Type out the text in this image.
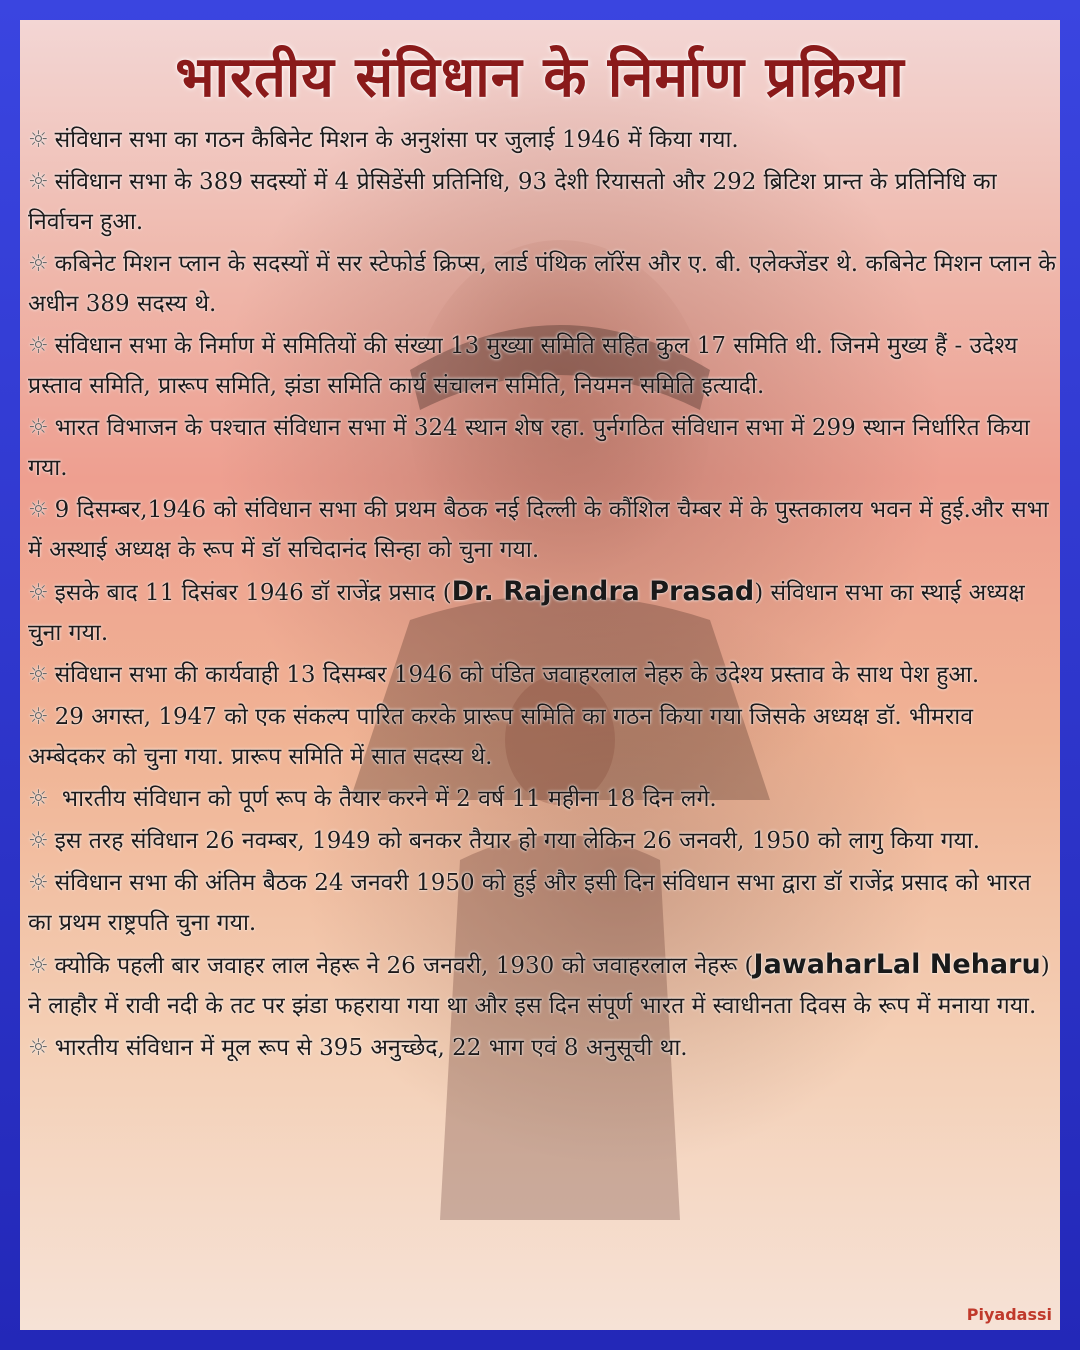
भारतीय संविधान के निर्माण प्रक्रिया
☼ संविधान सभा का गठन कैबिनेट मिशन के अनुशंसा पर जुलाई 1946 में किया गया.
☼ संविधान सभा के 389 सदस्यों में 4 प्रेसिडेंसी प्रतिनिधि, 93 देशी रियासतो और 292 ब्रिटिश प्रान्त के प्रतिनिधि का निर्वाचन हुआ.
☼ कबिनेट मिशन प्लान के सदस्यों में सर स्टेफोर्ड क्रिप्स, लार्ड पंथिक लॉरेंस और ए. बी. एलेक्जेंडर थे. कबिनेट मिशन प्लान के अधीन 389 सदस्य थे.
☼ संविधान सभा के निर्माण में समितियों की संख्या 13 मुख्या समिति सहित कुल 17 समिति थी. जिनमे मुख्य हैं - उदेश्य प्रस्ताव समिति, प्रारूप समिति, झंडा समिति कार्य संचालन समिति, नियमन समिति इत्यादी.
☼ भारत विभाजन के पश्चात संविधान सभा में 324 स्थान शेष रहा. पुर्नगठित संविधान सभा में 299 स्थान निर्धारित किया गया.
☼ 9 दिसम्बर,1946 को संविधान सभा की प्रथम बैठक नई दिल्ली के कौंशिल चैम्बर में के पुस्तकालय भवन में हुई.और सभा में अस्थाई अध्यक्ष के रूप में डॉ सचिदानंद सिन्हा को चुना गया.
☼ इसके बाद 11 दिसंबर 1946 डॉ राजेंद्र प्रसाद (Dr. Rajendra Prasad) संविधान सभा का स्थाई अध्यक्ष चुना गया.
☼ संविधान सभा की कार्यवाही 13 दिसम्बर 1946 को पंडित जवाहरलाल नेहरु के उदेश्य प्रस्ताव के साथ पेश हुआ.
☼ 29 अगस्त, 1947 को एक संकल्प पारित करके प्रारूप समिति का गठन किया गया जिसके अध्यक्ष डॉ. भीमराव अम्बेदकर को चुना गया. प्रारूप समिति में सात सदस्य थे.
☼ भारतीय संविधान को पूर्ण रूप के तैयार करने में 2 वर्ष 11 महीना 18 दिन लगे.
☼ इस तरह संविधान 26 नवम्बर, 1949 को बनकर तैयार हो गया लेकिन 26 जनवरी, 1950 को लागु किया गया.
☼ संविधान सभा की अंतिम बैठक 24 जनवरी 1950 को हुई और इसी दिन संविधान सभा द्वारा डॉ राजेंद्र प्रसाद को भारत का प्रथम राष्ट्रपति चुना गया.
☼ क्योकि पहली बार जवाहर लाल नेहरू ने 26 जनवरी, 1930 को जवाहरलाल नेहरू (JawaharLal Neharu) ने लाहौर में रावी नदी के तट पर झंडा फहराया गया था और इस दिन संपूर्ण भारत में स्वाधीनता दिवस के रूप में मनाया गया.
☼ भारतीय संविधान में मूल रूप से 395 अनुच्छेद, 22 भाग एवं 8 अनुसूची था.
Piyadassi
